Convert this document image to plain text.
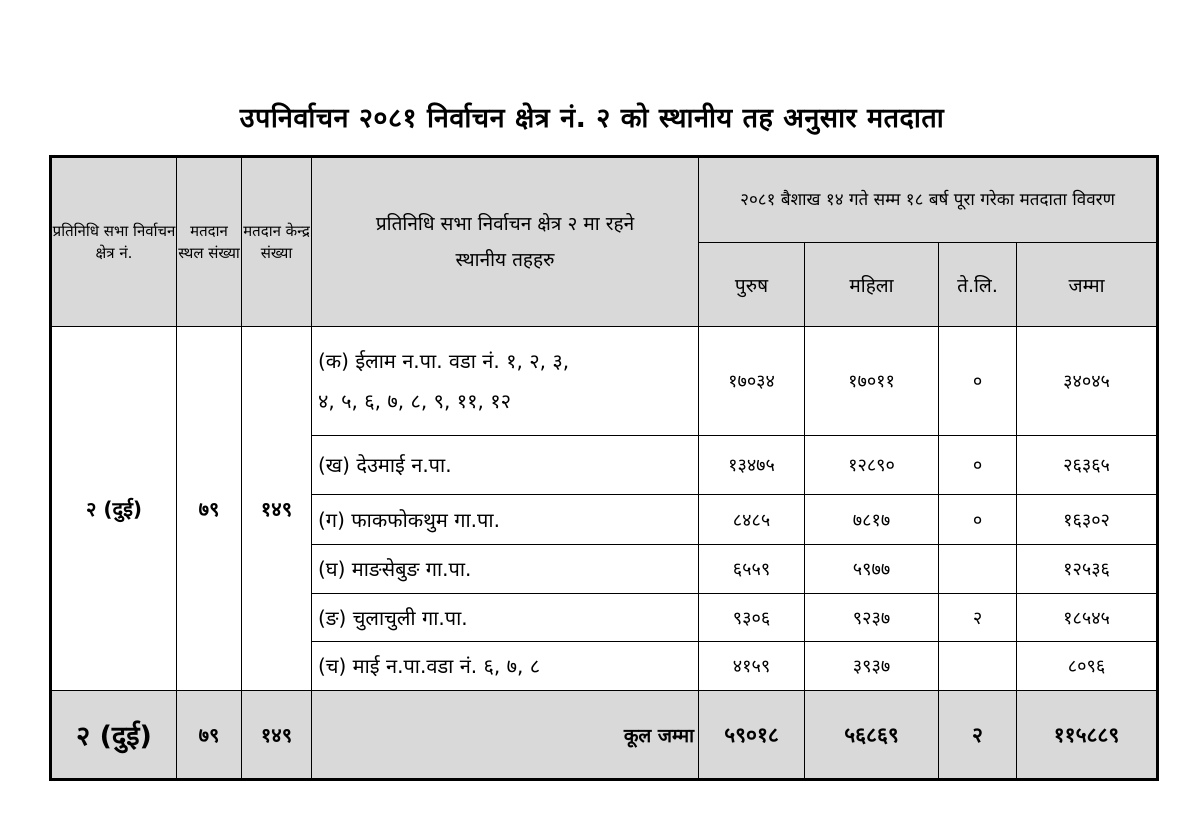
उपनिर्वाचन २०८१ निर्वाचन क्षेत्र नं. २ को स्थानीय तह अनुसार मतदाता
प्रतिनिधि सभा निर्वाचन क्षेत्र नं.	मतदान स्थल संख्या	मतदान केन्द्र संख्या	प्रतिनिधि सभा निर्वाचन क्षेत्र २ मा रहने स्थानीय तहहरु	२०८१ बैशाख १४ गते सम्म १८ बर्ष पूरा गरेका मतदाता विवरण			
				पुरुष	महिला	ते.लि.	जम्मा
२ (दुई)	७९	१४९	(क) ईलाम न.पा. वडा नं. १, २, ३,
४, ५, ६, ७, ८, ९, ११, १२	१७०३४	१७०११	०	३४०४५
			(ख) देउमाई न.पा.	१३४७५	१२८९०	०	२६३६५
			(ग) फाकफोकथुम गा.पा.	८४८५	७८१७	०	१६३०२
			(घ) माङसेबुङ गा.पा.	६५५९	५९७७		१२५३६
			(ङ) चुलाचुली गा.पा.	९३०६	९२३७	२	१८५४५
			(च) माई न.पा.वडा नं. ६, ७, ८	४१५९	३९३७		८०९६
२ (दुई)	७९	१४९	कूल जम्मा	५९०१८	५६८६९	२	११५८८९
